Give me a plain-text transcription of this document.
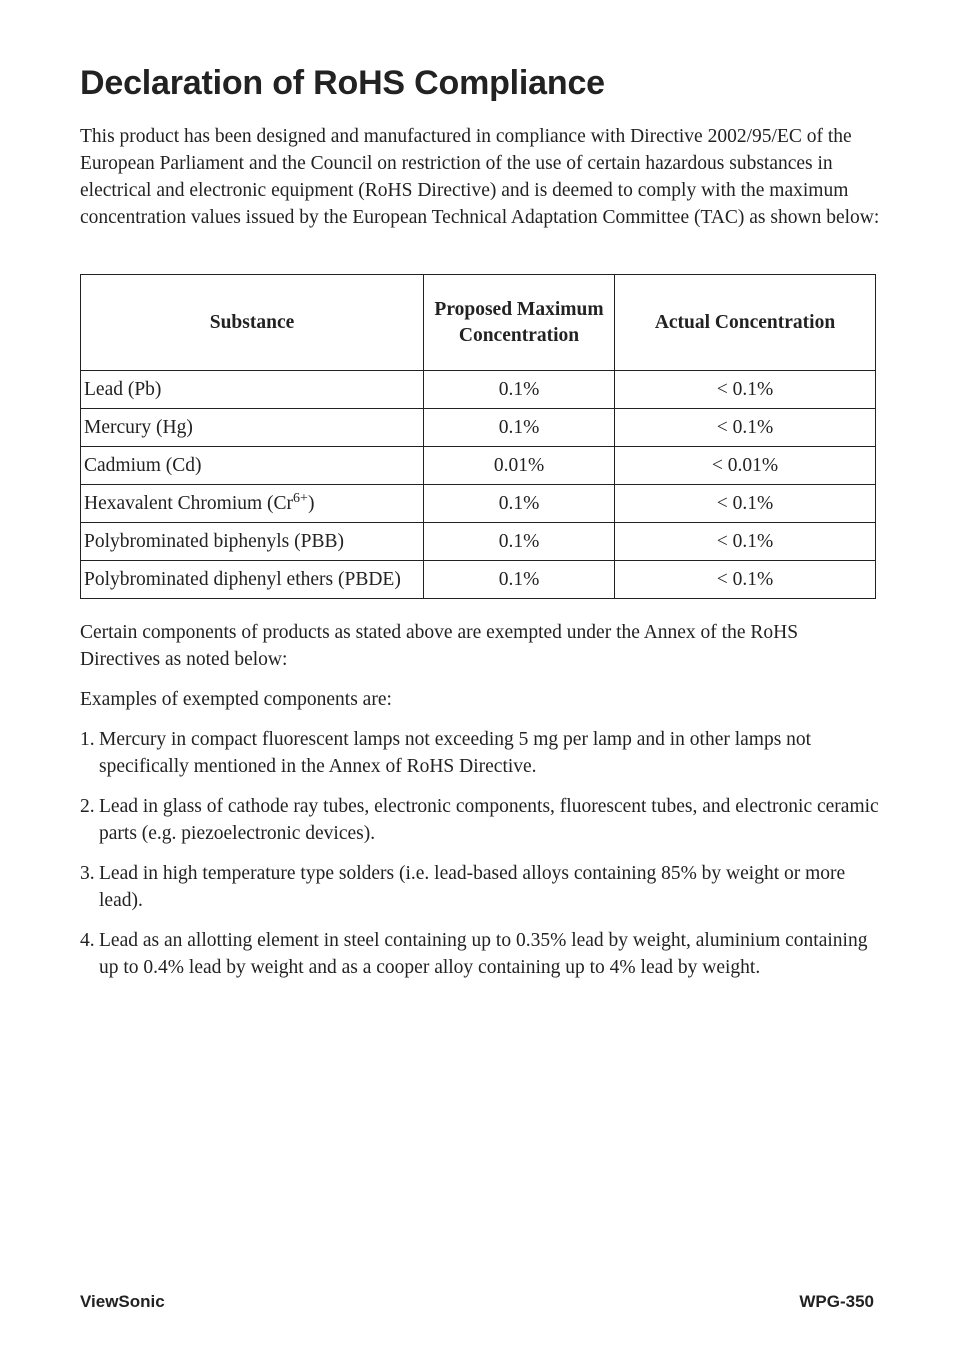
Declaration of RoHS Compliance

This product has been designed and manufactured in compliance with Directive 2002/95/EC of the European Parliament and the Council on restriction of the use of certain hazardous substances in electrical and electronic equipment (RoHS Directive) and is deemed to comply with the maximum concentration values issued by the European Technical Adaptation Committee (TAC) as shown below:

Substance	Proposed Maximum Concentration	Actual Concentration
Lead (Pb)	0.1%	< 0.1%
Mercury (Hg)	0.1%	< 0.1%
Cadmium (Cd)	0.01%	< 0.01%
Hexavalent Chromium $(Cr^{6+})$	0.1%	< 0.1%
Polybrominated biphenyls (PBB)	0.1%	< 0.1%
Polybrominated diphenyl ethers (PBDE)	0.1%	< 0.1%

Certain components of products as stated above are exempted under the Annex of the RoHS Directives as noted below:

Examples of exempted components are:

1. Mercury in compact fluorescent lamps not exceeding 5 mg per lamp and in other lamps not specifically mentioned in the Annex of RoHS Directive.
2. Lead in glass of cathode ray tubes, electronic components, fluorescent tubes, and electronic ceramic parts (e.g. piezoelectronic devices).
3. Lead in high temperature type solders (i.e. lead-based alloys containing 85% by weight or more lead).
4. Lead as an allotting element in steel containing up to 0.35% lead by weight, aluminium containing up to 0.4% lead by weight and as a cooper alloy containing up to 4% lead by weight.
ViewSonic	WPG-350
